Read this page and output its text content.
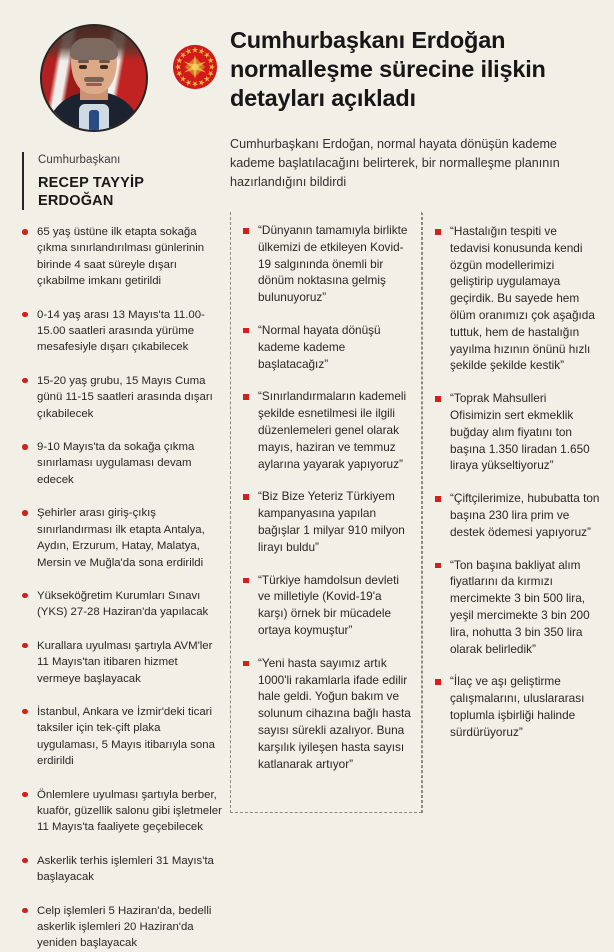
Cumhurbaşkanı
RECEP TAYYİP ERDOĞAN
Cumhurbaşkanı Erdoğan normalleşme sürecine ilişkin detayları açıkladı

Cumhurbaşkanı Erdoğan, normal hayata dönüşün kademe kademe başlatılacağını belirterek, bir normalleşme planının hazırlandığını bildirdi

65 yaş üstüne ilk etapta sokağa çıkma sınırlandırılması günlerinin birinde 4 saat süreyle dışarı çıkabilme imkanı getirildi
0-14 yaş arası 13 Mayıs'ta 11.00-15.00 saatleri arasında yürüme mesafesiyle dışarı çıkabilecek
15-20 yaş grubu, 15 Mayıs Cuma günü 11-15 saatleri arasında dışarı çıkabilecek
9-10 Mayıs'ta da sokağa çıkma sınırlaması uygulaması devam edecek
Şehirler arası giriş-çıkış sınırlandırması ilk etapta Antalya, Aydın, Erzurum, Hatay, Malatya, Mersin ve Muğla'da sona erdirildi
Yükseköğretim Kurumları Sınavı (YKS) 27-28 Haziran'da yapılacak
Kurallara uyulması şartıyla AVM'ler 11 Mayıs'tan itibaren hizmet vermeye başlayacak
İstanbul, Ankara ve İzmir'deki ticari taksiler için tek-çift plaka uygulaması, 5 Mayıs itibarıyla sona erdirildi
Önlemlere uyulması şartıyla berber, kuaför, güzellik salonu gibi işletmeler 11 Mayıs'ta faaliyete geçebilecek
Askerlik terhis işlemleri 31 Mayıs'ta başlayacak
Celp işlemleri 5 Haziran'da, bedelli askerlik işlemleri 20 Haziran'da yeniden başlayacak
“Dünyanın tamamıyla birlikte ülkemizi de etkileyen Kovid-19 salgınında önemli bir dönüm noktasına gelmiş bulunuyoruz”
“Normal hayata dönüşü kademe kademe başlatacağız”
“Sınırlandırmaların kademeli şekilde esnetilmesi ile ilgili düzenlemeleri genel olarak mayıs, haziran ve temmuz aylarına yayarak yapıyoruz”
“Biz Bize Yeteriz Türkiyem kampanyasına yapılan bağışlar 1 milyar 910 milyon lirayı buldu”
“Türkiye hamdolsun devleti ve milletiyle (Kovid-19'a karşı) örnek bir mücadele ortaya koymuştur”
“Yeni hasta sayımız artık 1000'li rakamlarla ifade edilir hale geldi. Yoğun bakım ve solunum cihazına bağlı hasta sayısı sürekli azalıyor. Buna karşılık iyileşen hasta sayısı katlanarak artıyor”
“Hastalığın tespiti ve tedavisi konusunda kendi özgün modellerimizi geliştirip uygulamaya geçirdik. Bu sayede hem ölüm oranımızı çok aşağıda tuttuk, hem de hastalığın yayılma hızının önünü hızlı şekilde şekilde kestik”
“Toprak Mahsulleri Ofisimizin sert ekmeklik buğday alım fiyatını ton başına 1.350 liradan 1.650 liraya yükseltiyoruz”
“Çiftçilerimize, hububatta ton başına 230 lira prim ve destek ödemesi yapıyoruz”
“Ton başına bakliyat alım fiyatlarını da kırmızı mercimekte 3 bin 500 lira, yeşil mercimekte 3 bin 200 lira, nohutta 3 bin 350 lira olarak belirledik”
“İlaç ve aşı geliştirme çalışmalarını, uluslararası toplumla işbirliği halinde sürdürüyoruz”
